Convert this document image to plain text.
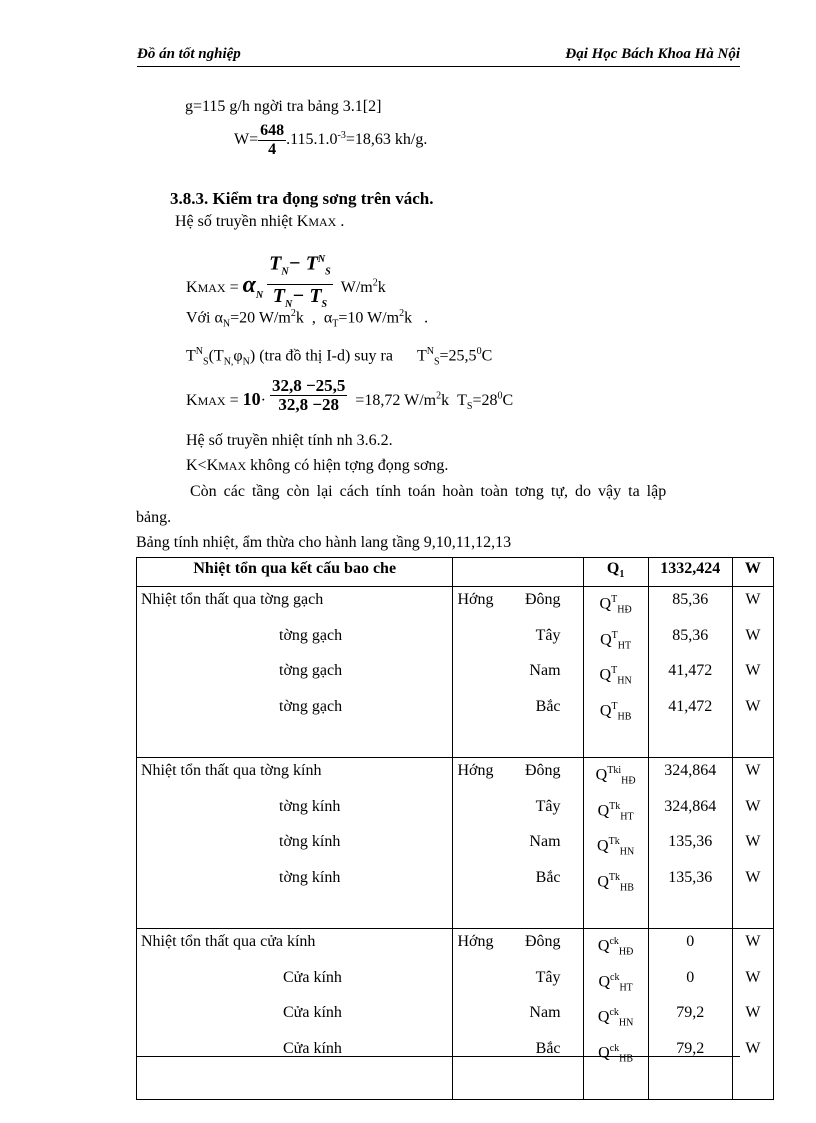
Đồ án tốt nghiệp	Đại Học Bách Khoa Hà Nội
g=115 g/h ngời tra bảng 3.1[2]
$W= \frac{648}{4} .115.1.0^{-3}=18,63$ kh/g.
3.8.3. Kiểm tra đọng sơng trên vách.
Hệ số truyền nhiệt KMAX .
KMAX = $\alpha_N \frac{T_N- T^N_S}{T_N- T_S} W/m^2k$
Với $\alpha_N=20$ $W/m^2k$  ,  $\alpha_T=10$ $W/m^2k$   .
$T^N_S(T_{N,}\varphi_N)$ (tra đồ thị I-d) suy ra $T^N_S=25,5^0C$
KMAX = $10\cdot \frac{32,8 -25,5}{32,8 -28} =18,72$ $W/m^2k$ $T_S=28^0C$
Hệ số truyền nhiệt tính nh 3.6.2.
K<KMAX không có hiện tợng đọng sơng.
Còn các tầng còn lại cách tính toán hoàn toàn tơng tự, do vậy ta lập
bảng.
Bảng tính nhiệt, ẩm thừa cho hành lang tầng 9,10,11,12,13
Nhiệt tổn qua kết cấu bao che		$Q_1$	1332,424	W
Nhiệt tổn thất qua tờng gạch	Hớng Đông	$Q^T_{HĐ}$	85,36	W
tờng gạch	Tây	$Q^T_{HT}$	85,36	W
tờng gạch	Nam	$Q^T_{HN}$	41,472	W
tờng gạch	Bắc	$Q^T_{HB}$	41,472	W

Nhiệt tổn thất qua tờng kính	Hớng Đông	$Q^{Tki}_{HĐ}$	324,864	W
tờng kính	Tây	$Q^{Tk}_{HT}$	324,864	W
tờng kính	Nam	$Q^{Tk}_{HN}$	135,36	W
tờng kính	Bắc	$Q^{Tk}_{HB}$	135,36	W

Nhiệt tổn thất qua cửa kính	Hớng Đông	$Q^{ck}_{HĐ}$	0	W
Cửa kính	Tây	$Q^{ck}_{HT}$	0	W
Cửa kính	Nam	$Q^{ck}_{HN}$	79,2	W
Cửa kính	Bắc	$Q^{ck}_{HB}$	79,2	W
